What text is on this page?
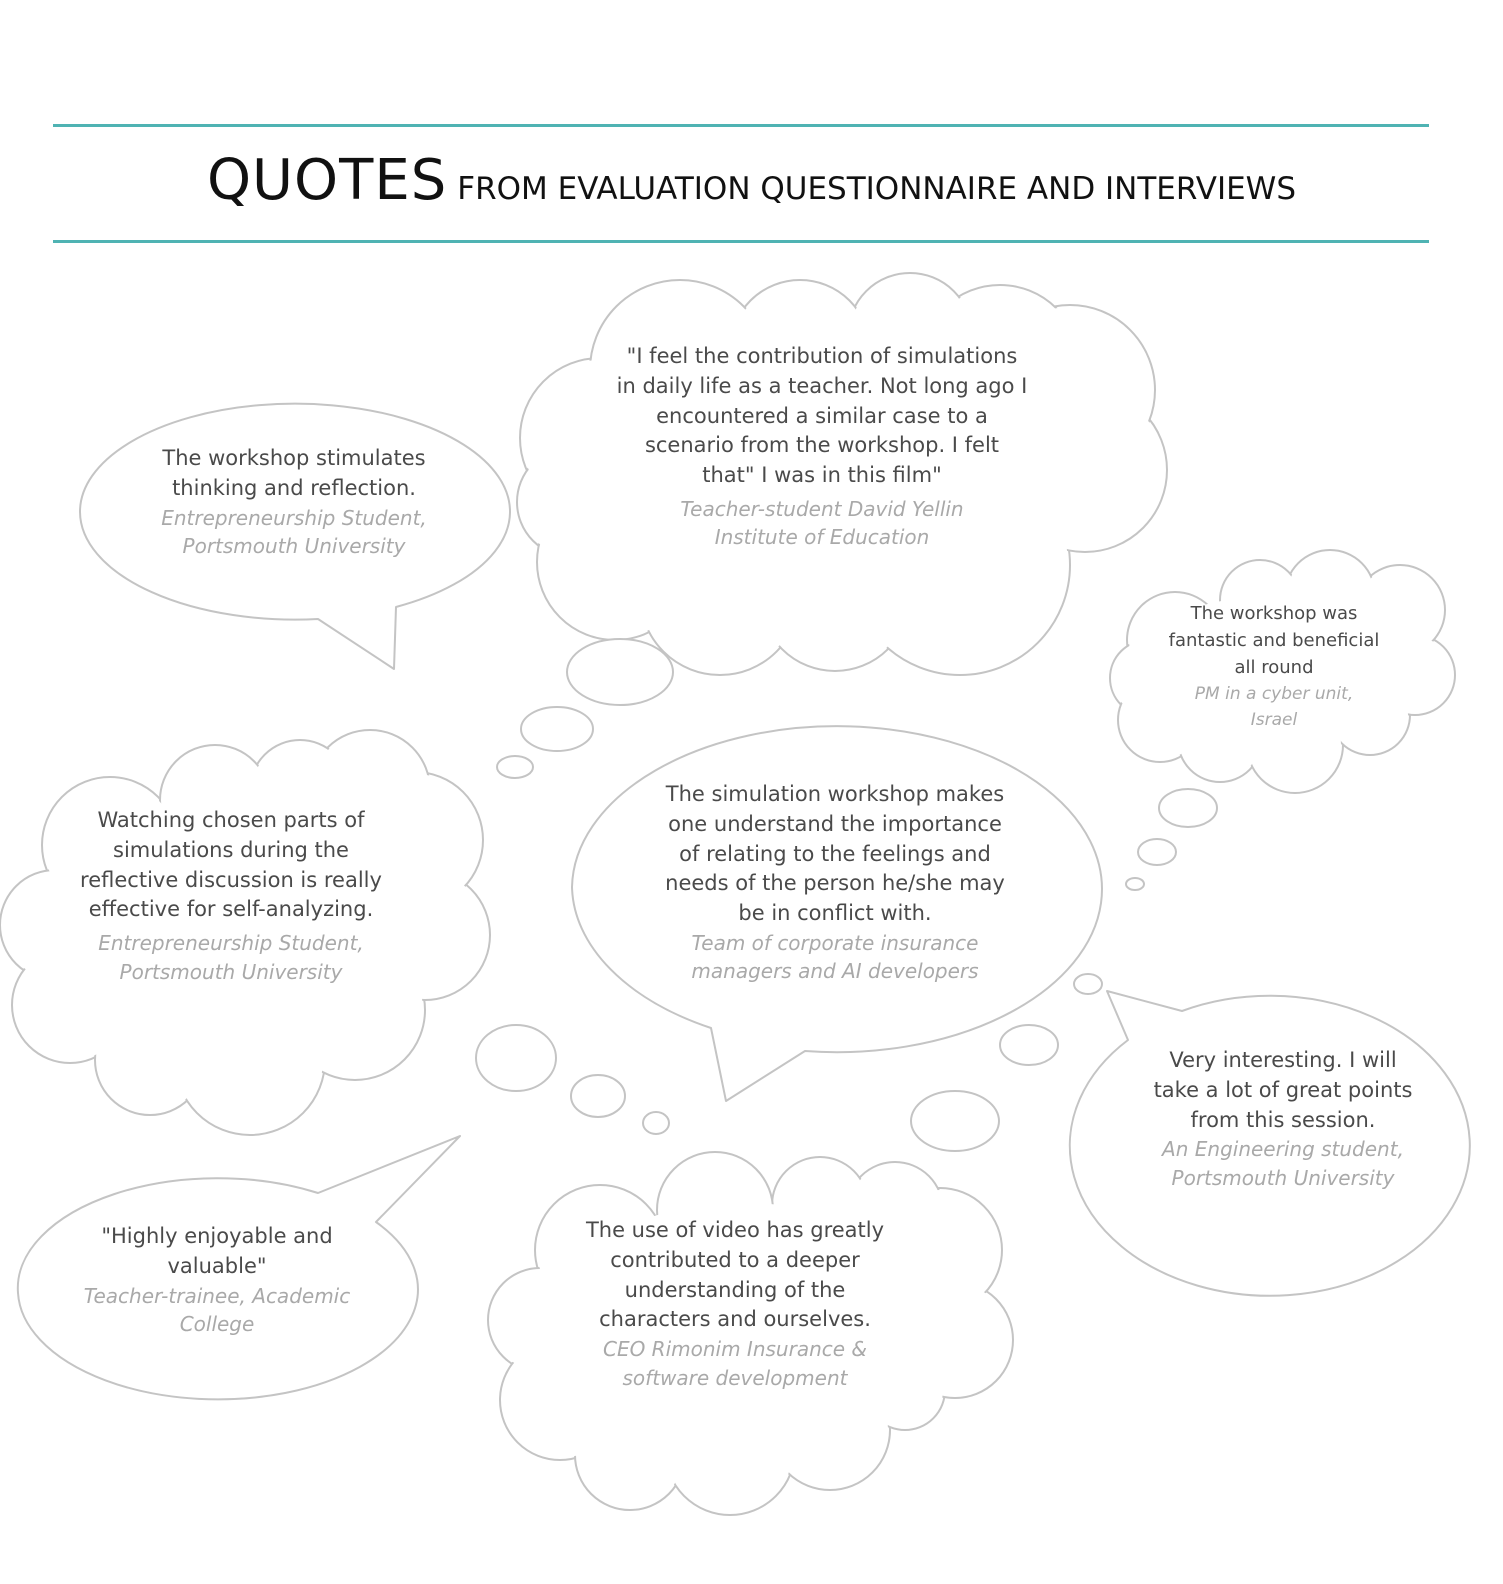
QUOTES FROM EVALUATION QUESTIONNAIRE AND INTERVIEWS
The workshop stimulates
thinking and reflection.
Entrepreneurship Student,
Portsmouth University
"I feel the contribution of simulations
in daily life as a teacher. Not long ago I
encountered a similar case to a
scenario from the workshop. I felt
that" I was in this film"
Teacher-student David Yellin
Institute of Education
The workshop was
fantastic and beneficial
all round
PM in a cyber unit,
Israel
Watching chosen parts of
simulations during the
reflective discussion is really
effective for self-analyzing.
Entrepreneurship Student,
Portsmouth University
The simulation workshop makes
one understand the importance
of relating to the feelings and
needs of the person he/she may
be in conflict with.
Team of corporate insurance
managers and AI developers
Very interesting. I will
take a lot of great points
from this session.
An Engineering student,
Portsmouth University
"Highly enjoyable and
valuable"
Teacher-trainee, Academic
College
The use of video has greatly
contributed to a deeper
understanding of the
characters and ourselves.
CEO Rimonim Insurance &
software development
